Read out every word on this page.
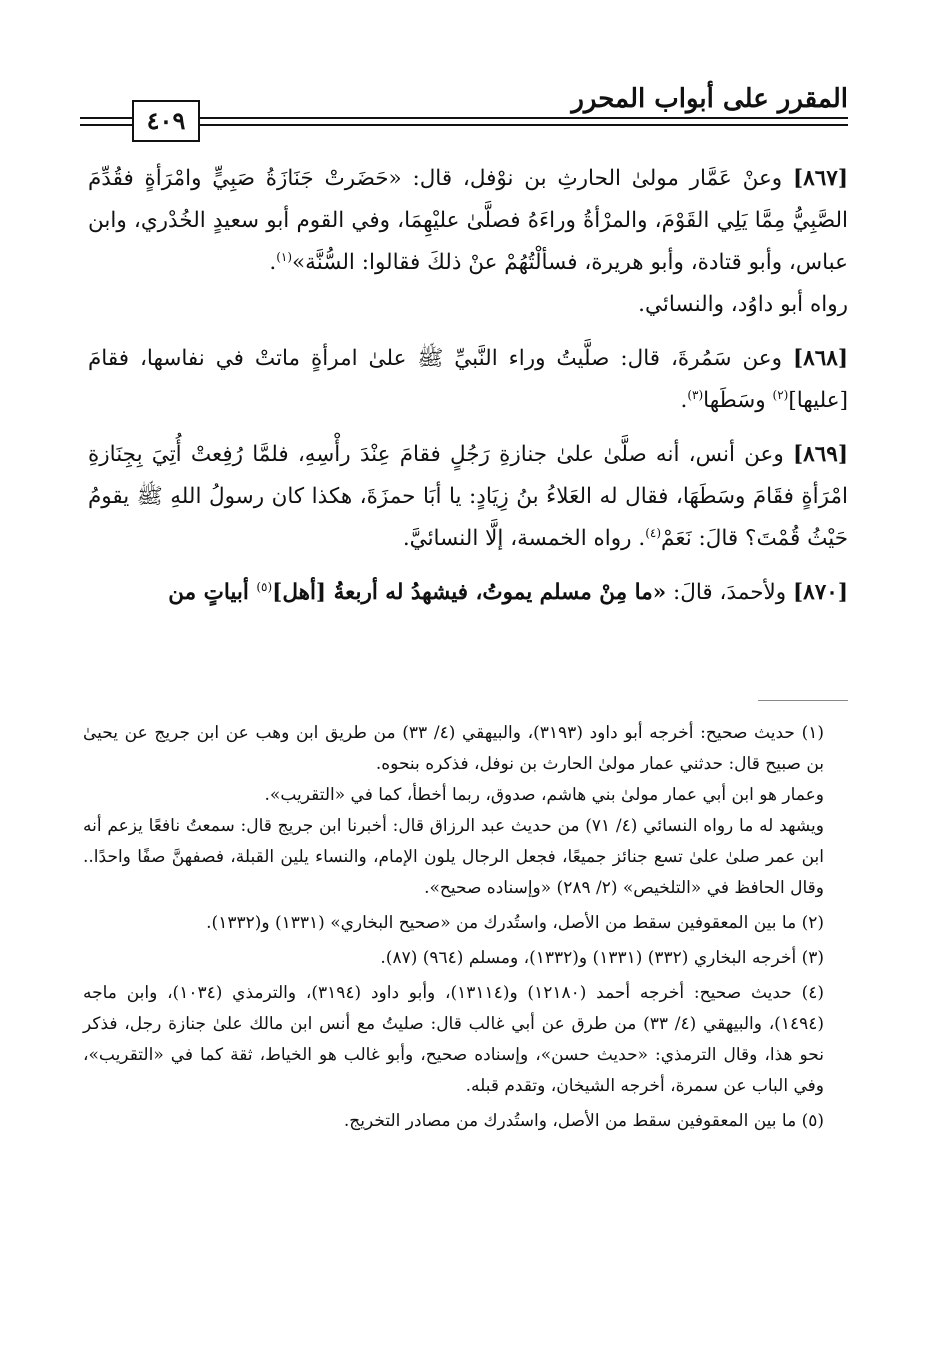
المقرر على أبواب المحرر
٤٠٩

[٨٦٧] وعنْ عَمَّار مولىٰ الحارثِ بن نوْفل، قال: «حَضَرتْ جَنَازَةُ صَبِيٍّ وامْرَأةٍ فقُدِّمَ الصَّبِيُّ مِمَّا يَلِي القَوْمَ، والمرْأةُ وراءَهُ فصلَّىٰ عليْهِمَا، وفي القوم أبو سعيدٍ الخُدْري، وابن عباس، وأبو قتادة، وأبو هريرة، فسألْتُهُمْ عنْ ذلكَ فقالوا: السُّنَّة»$^{(١)}$.
رواه أبو داوُد، والنسائي.

[٨٦٨] وعن سَمُرةَ، قال: صلَّيتُ وراء النَّبيِّ ﷺ علىٰ امرأةٍ ماتتْ في نفاسها، فقامَ [عليها]$^{(٢)}$ وسَطَها$^{(٣)}$.

[٨٦٩] وعن أنس، أنه صلَّىٰ علىٰ جنازةِ رَجُلٍ فقامَ عِنْدَ رأْسِهِ، فلمَّا رُفِعتْ أُتِيَ بِجِنَازةِ امْرَأةٍ فقَامَ وسَطَهَا، فقال له العَلاءُ بنُ زِيَادٍ: يا أبَا حمزَةَ، هكذا كان رسولُ اللهِ ﷺ يقومُ حَيْثُ قُمْتَ؟ قالَ: نَعَمْ$^{(٤)}$. رواه الخمسة، إلَّا النسائيَّ.

[٨٧٠] ولأحمدَ، قالَ: «ما مِنْ مسلم يموتُ، فيشهدُ له أربعةُ [أهل]$^{(٥)}$ أبياتٍ من

(١) حديث صحيح: أخرجه أبو داود (٣١٩٣)، والبيهقي (٤/ ٣٣) من طريق ابن وهب عن ابن جريج عن يحيىٰ بن صبيح قال: حدثني عمار مولىٰ الحارث بن نوفل، فذكره بنحوه.
وعمار هو ابن أبي عمار مولىٰ بني هاشم، صدوق، ربما أخطأ، كما في «التقريب».
ويشهد له ما رواه النسائي (٤/ ٧١) من حديث عبد الرزاق قال: أخبرنا ابن جريج قال: سمعتُ نافعًا يزعم أنه ابن عمر صلىٰ علىٰ تسع جنائز جميعًا، فجعل الرجال يلون الإمام، والنساء يلين القبلة، فصفهنَّ صفًا واحدًا.. وقال الحافظ في «التلخيص» (٢/ ٢٨٩) «وإسناده صحيح».
(٢) ما بين المعقوفين سقط من الأصل، واستُدرك من «صحيح البخاري» (١٣٣١) و(١٣٣٢).
(٣) أخرجه البخاري (٣٣٢) (١٣٣١) و(١٣٣٢)، ومسلم (٩٦٤) (٨٧).
(٤) حديث صحيح: أخرجه أحمد (١٢١٨٠) و(١٣١١٤)، وأبو داود (٣١٩٤)، والترمذي (١٠٣٤)، وابن ماجه (١٤٩٤)، والبيهقي (٤/ ٣٣) من طرق عن أبي غالب قال: صليتُ مع أنس ابن مالك علىٰ جنازة رجل، فذكر نحو هذا، وقال الترمذي: «حديث حسن»، وإسناده صحيح، وأبو غالب هو الخياط، ثقة كما في «التقريب»، وفي الباب عن سمرة، أخرجه الشيخان، وتقدم قبله.
(٥) ما بين المعقوفين سقط من الأصل، واستُدرك من مصادر التخريج.
